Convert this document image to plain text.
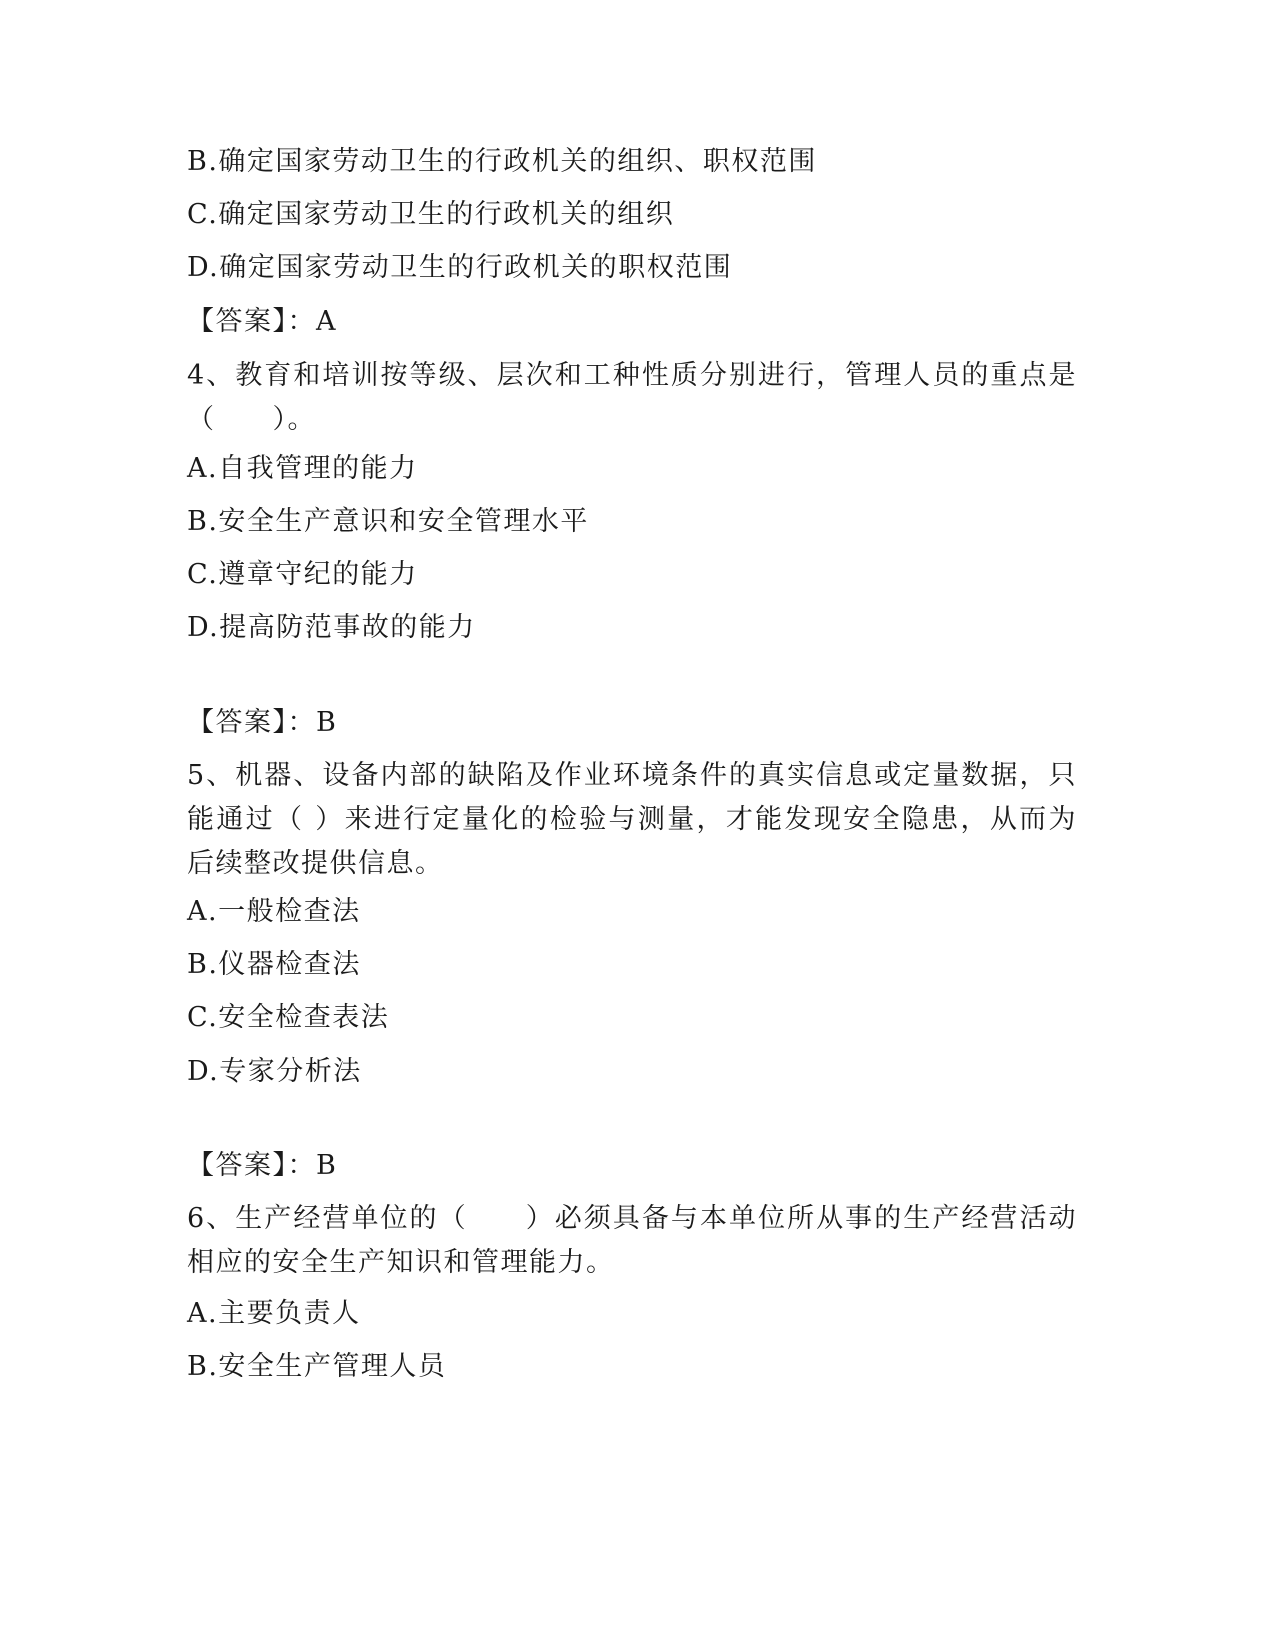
B.确定国家劳动卫生的行政机关的组织、职权范围
C.确定国家劳动卫生的行政机关的组织
D.确定国家劳动卫生的行政机关的职权范围
【答案】：A
4、教育和培训按等级、层次和工种性质分别进行，管理人员的重点是（　　）。
A.自我管理的能力
B.安全生产意识和安全管理水平
C.遵章守纪的能力
D.提高防范事故的能力
【答案】：B
5、机器、设备内部的缺陷及作业环境条件的真实信息或定量数据，只能通过（ ）来进行定量化的检验与测量，才能发现安全隐患，从而为后续整改提供信息。
A.一般检查法
B.仪器检查法
C.安全检查表法
D.专家分析法
【答案】：B
6、生产经营单位的（　　）必须具备与本单位所从事的生产经营活动相应的安全生产知识和管理能力。
A.主要负责人
B.安全生产管理人员
